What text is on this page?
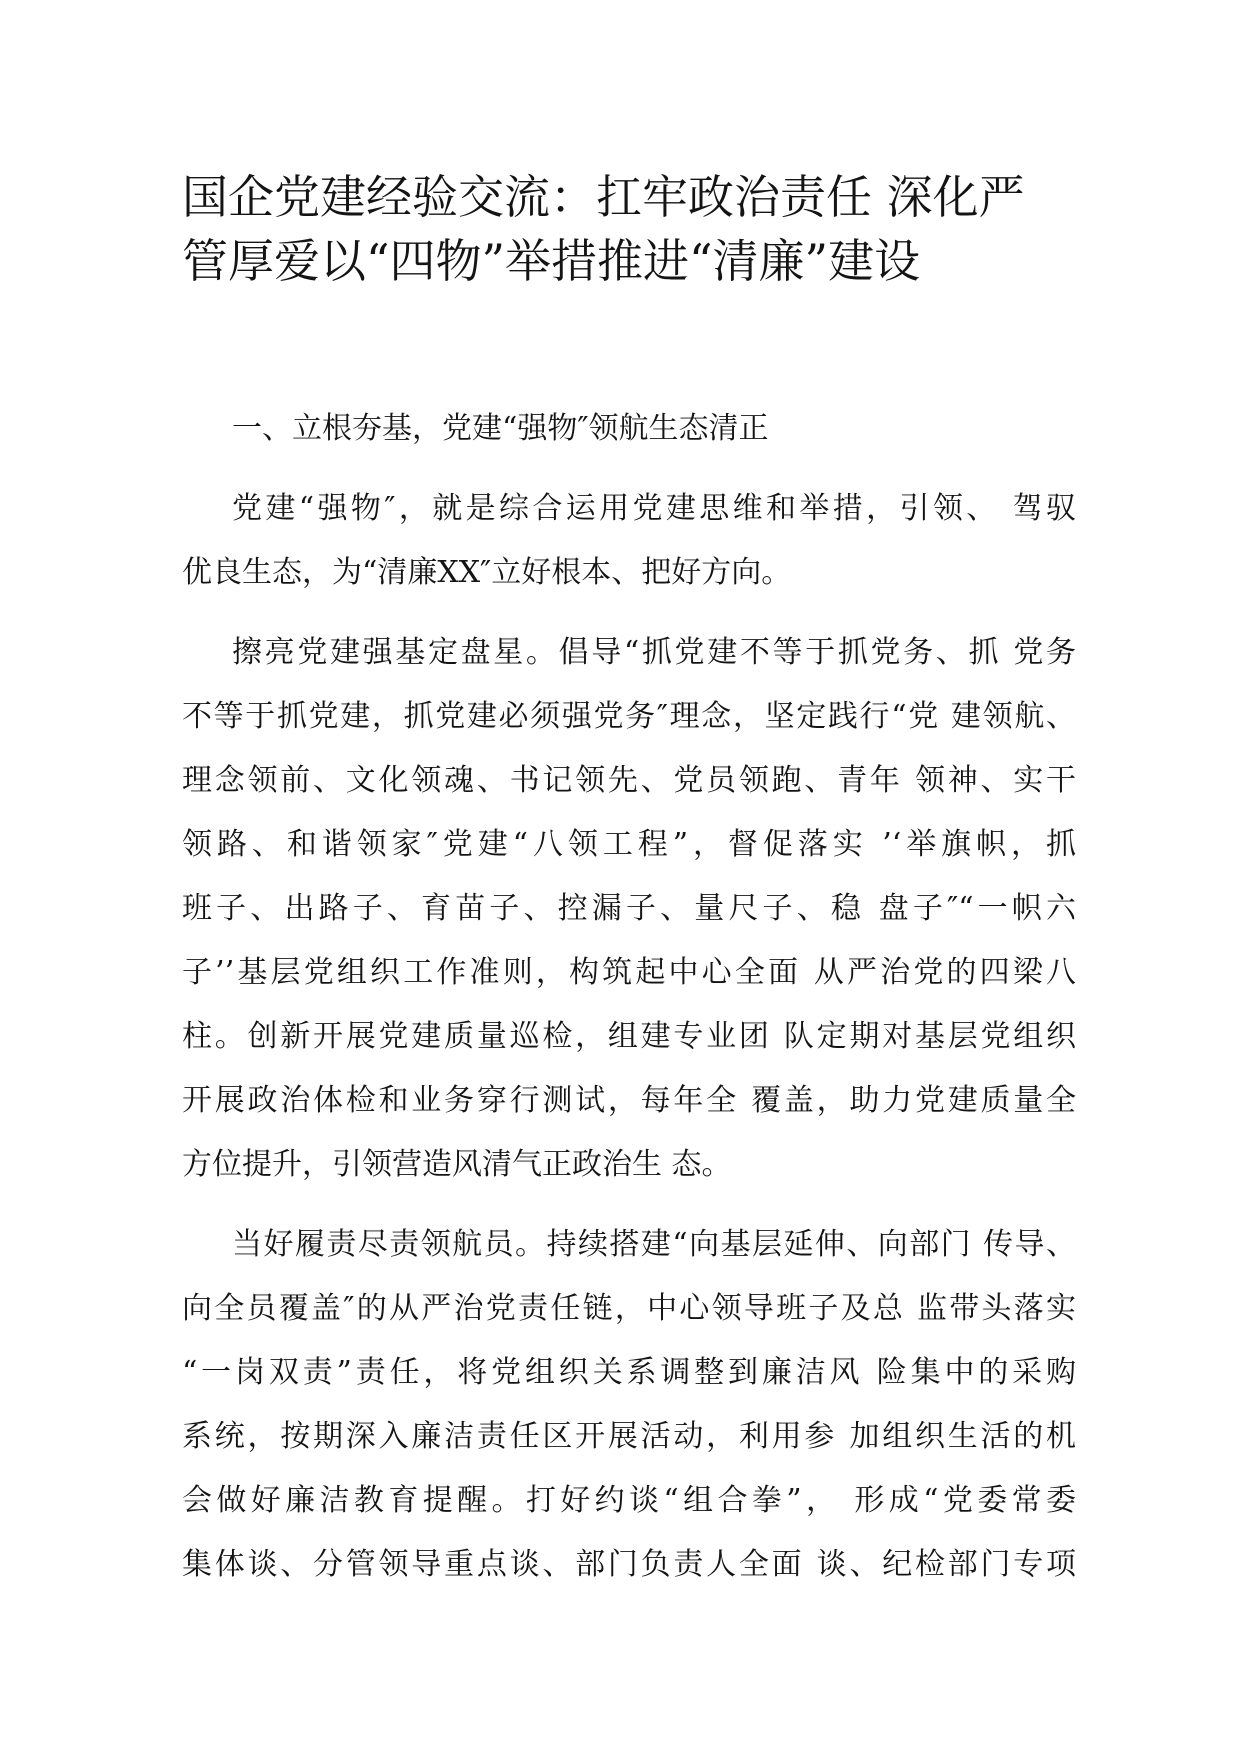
国企党建经验交流：扛牢政治责任 深化严
管厚爱以“四物”举措推进“清廉”建设
一、立根夯基，党建“强物″领航生态清正
党建“强物″，就是综合运用党建思维和举措，引领、 驾驭
优良生态，为“清廉XX″立好根本、把好方向。
擦亮党建强基定盘星。倡导“抓党建不等于抓党务、抓 党务
不等于抓党建，抓党建必须强党务″理念，坚定践行“党 建领航、
理念领前、文化领魂、书记领先、党员领跑、青年 领神、实干
领路、和谐领家″党建“八领工程”，督促落实 ’‘举旗帜，抓
班子、出路子、育苗子、控漏子、量尺子、稳 盘子″“一帜六
子’’基层党组织工作准则，构筑起中心全面 从严治党的四梁八
柱。创新开展党建质量巡检，组建专业团 队定期对基层党组织
开展政治体检和业务穿行测试，每年全 覆盖，助力党建质量全
方位提升，引领营造风清气正政治生 态。
当好履责尽责领航员。持续搭建“向基层延伸、向部门 传导、
向全员覆盖″的从严治党责任链，中心领导班子及总 监带头落实
“一岗双责”责任，将党组织关系调整到廉洁风 险集中的采购
系统，按期深入廉洁责任区开展活动，利用参 加组织生活的机
会做好廉洁教育提醒。打好约谈“组合拳”， 形成“党委常委
集体谈、分管领导重点谈、部门负责人全面 谈、纪检部门专项
